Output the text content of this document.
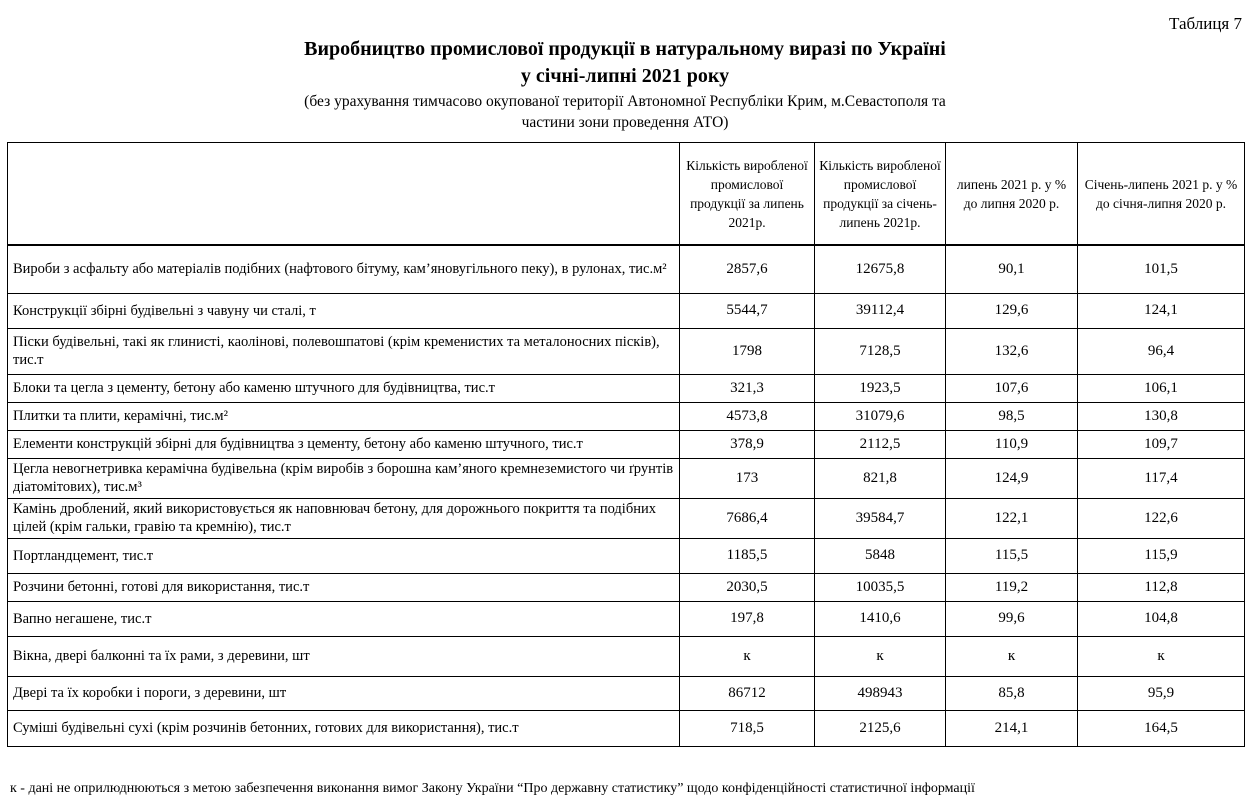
Таблиця 7
Виробництво промислової продукції в натуральному виразі по Україні
у січні-липні 2021 року
(без урахування тимчасово окупованої території Автономної Республіки Крим, м.Севастополя та
частини зони проведення АТО)
	Кількість виробленої промислової продукції за липень 2021р.	Кількість виробленої промислової продукції за січень-липень 2021р.	липень 2021 р. у % до липня 2020 р.	Січень-липень 2021 р. у % до січня-липня 2020 р.
Вироби з асфальту або матеріалів подібних (нафтового бітуму, кам’яновугільного пеку), в рулонах, тис.м²	2857,6	12675,8	90,1	101,5
Конструкції збірні будівельні з чавуну чи сталі, т	5544,7	39112,4	129,6	124,1
Піски будівельні, такі як глинисті, каолінові, полевошпатові (крім кременистих та металоносних пісків), тис.т	1798	7128,5	132,6	96,4
Блоки та цегла з цементу, бетону або каменю штучного для будівництва, тис.т	321,3	1923,5	107,6	106,1
Плитки та плити, керамічні, тис.м²	4573,8	31079,6	98,5	130,8
Елементи конструкцій збірні для будівництва з цементу, бетону або каменю штучного, тис.т	378,9	2112,5	110,9	109,7
Цегла невогнетривка керамічна будівельна (крім виробів з борошна кам’яного кремнеземистого чи ґрунтів діатомітових), тис.м³	173	821,8	124,9	117,4
Камінь дроблений, який використовується як наповнювач бетону, для дорожнього покриття та подібних цілей (крім гальки, гравію та кремнію), тис.т	7686,4	39584,7	122,1	122,6
Портландцемент, тис.т	1185,5	5848	115,5	115,9
Розчини бетонні, готові для використання, тис.т	2030,5	10035,5	119,2	112,8
Вапно негашене, тис.т	197,8	1410,6	99,6	104,8
Вікна, двері балконні та їх рами, з деревини, шт	к	к	к	к
Двері та їх коробки і пороги, з деревини, шт	86712	498943	85,8	95,9
Суміші будівельні сухі (крім розчинів бетонних, готових для використання), тис.т	718,5	2125,6	214,1	164,5
к - дані не оприлюднюються з метою забезпечення виконання вимог Закону України “Про державну статистику” щодо конфіденційності статистичної інформації
